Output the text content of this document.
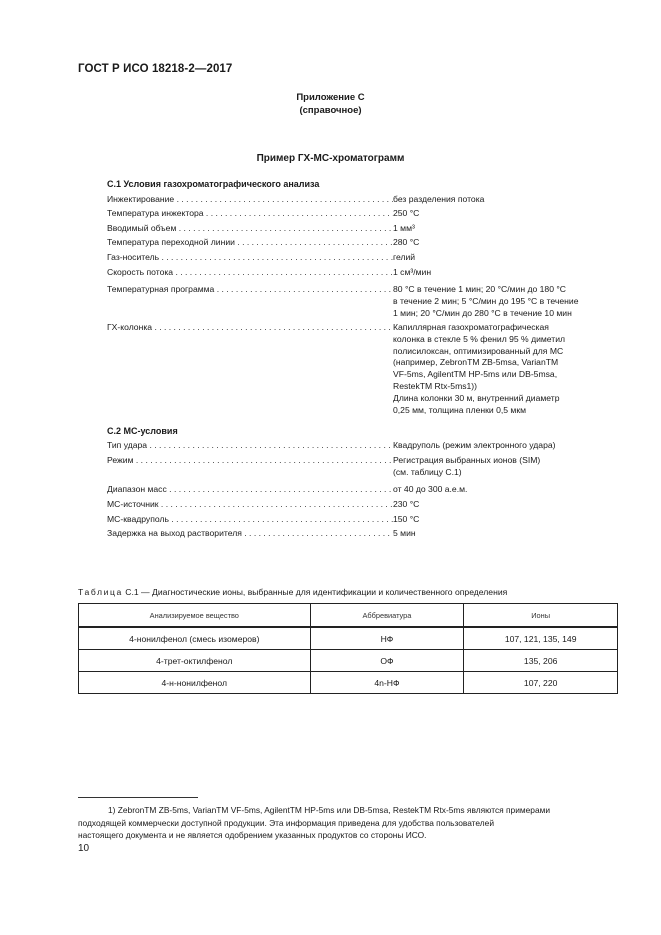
ГОСТ Р ИСО 18218-2—2017
Приложение С
(справочное)
Пример ГХ-МС-хроматограмм
С.1 Условия газохроматографического анализа
Инжектирование . . .	без разделения потока
Температура инжектора . . .	250 °С
Вводимый объем . . .	1 мм³
Температура переходной линии . . .	280 °С
Газ-носитель . . .	гелий
Скорость потока . . .	1 см³/мин
Температурная программа . . .	80 °С в течение 1 мин; 20 °С/мин до 180 °С
в течение 2 мин; 5 °С/мин до 195 °С в течение
1 мин; 20 °С/мин до 280 °С в течение 10 мин
ГХ-колонка . . .	Капиллярная газохроматографическая
колонка в стекле 5 % фенил 95 % диметил
полисилоксан, оптимизированный для МС
(например, ZebronTM ZB-5msa, VarianTM
VF-5ms, AgilentTM HP-5ms или DB-5msa,
RestekTM Rtx-5ms1))
Длина колонки 30 м, внутренний диаметр
0,25 мм, толщина пленки 0,5 мкм
С.2 МС-условия
Тип удара . . .	Квадруполь (режим электронного удара)
Режим . . .	Регистрация выбранных ионов (SIM)
(см. таблицу С.1)
Диапазон масс . . .	от 40 до 300 а.е.м.
МС-источник . . .	230 °С
МС-квадруполь . . .	150 °С
Задержка на выход растворителя . . .	5 мин
Таблица С.1 — Диагностические ионы, выбранные для идентификации и количественного определения
Анализируемое вещество	Аббревиатура	Ионы
4-нонилфенол (смесь изомеров)	НФ	107, 121, 135, 149
4-трет-октилфенол	ОФ	135, 206
4-н-нонилфенол	4n-НФ	107, 220
1) ZebronTM ZB-5ms, VarianTM VF-5ms, AgilentTM HP-5ms или DB-5msa, RestekTM Rtx-5ms являются примерами
подходящей коммерчески доступной продукции. Эта информация приведена для удобства пользователей
настоящего документа и не является одобрением указанных продуктов со стороны ИСО.
10
